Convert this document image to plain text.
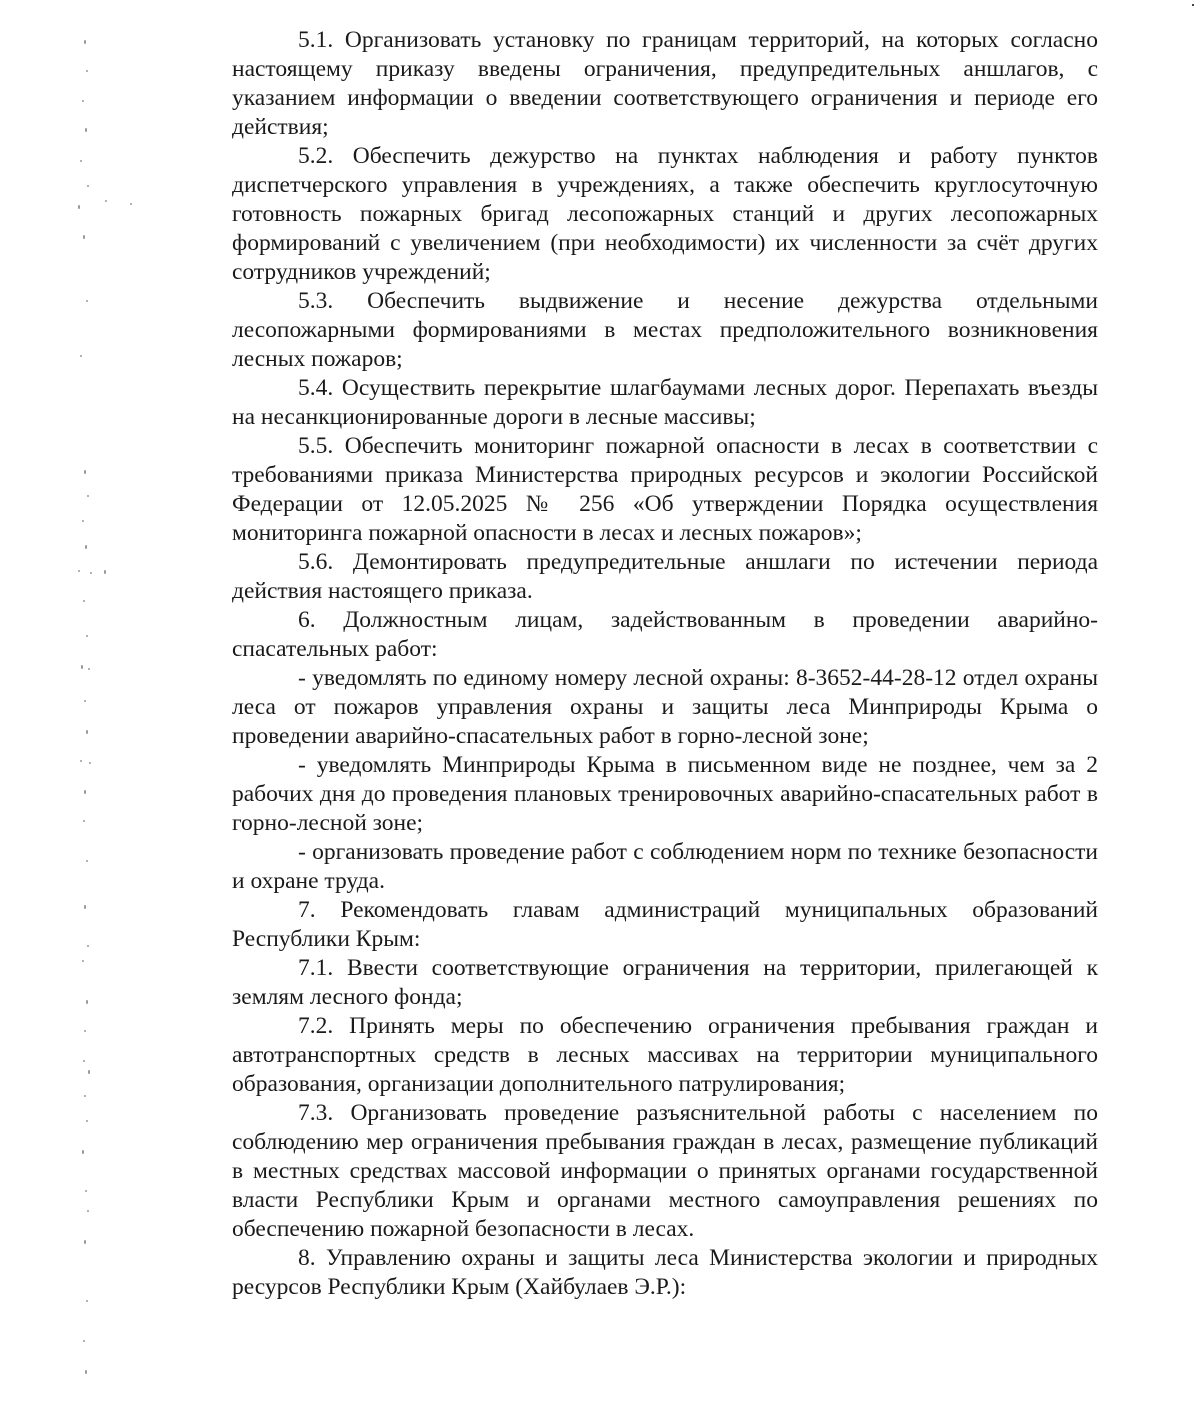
5.1. Организовать установку по границам территорий, на которых согласно настоящему приказу введены ограничения, предупредительных аншлагов, с указанием информации о введении соответствующего ограничения и периоде его действия;

5.2. Обеспечить дежурство на пунктах наблюдения и работу пунктов диспетчерского управления в учреждениях, а также обеспечить круглосуточную готовность пожарных бригад лесопожарных станций и других лесопожарных формирований с увеличением (при необходимости) их численности за счёт других сотрудников учреждений;

5.3. Обеспечить выдвижение и несение дежурства отдельными лесопожарными формированиями в местах предположительного возникновения лесных пожаров;

5.4. Осуществить перекрытие шлагбаумами лесных дорог. Перепахать въезды на несанкционированные дороги в лесные массивы;

5.5. Обеспечить мониторинг пожарной опасности в лесах в соответствии с требованиями приказа Министерства природных ресурсов и экологии Российской Федерации от 12.05.2025 № 256 «Об утверждении Порядка осуществления мониторинга пожарной опасности в лесах и лесных пожаров»;

5.6. Демонтировать предупредительные аншлаги по истечении периода действия настоящего приказа.

6. Должностным лицам, задействованным в проведении аварийно-спасательных работ:

- уведомлять по единому номеру лесной охраны: 8-3652-44-28-12 отдел охраны леса от пожаров управления охраны и защиты леса Минприроды Крыма о проведении аварийно-спасательных работ в горно-лесной зоне;

- уведомлять Минприроды Крыма в письменном виде не позднее, чем за 2 рабочих дня до проведения плановых тренировочных аварийно-спасательных работ в горно-лесной зоне;

- организовать проведение работ с соблюдением норм по технике безопасности и охране труда.

7. Рекомендовать главам администраций муниципальных образований Республики Крым:

7.1. Ввести соответствующие ограничения на территории, прилегающей к землям лесного фонда;

7.2. Принять меры по обеспечению ограничения пребывания граждан и автотранспортных средств в лесных массивах на территории муниципального образования, организации дополнительного патрулирования;

7.3. Организовать проведение разъяснительной работы с населением по соблюдению мер ограничения пребывания граждан в лесах, размещение публикаций в местных средствах массовой информации о принятых органами государственной власти Республики Крым и органами местного самоуправления решениях по обеспечению пожарной безопасности в лесах.

8. Управлению охраны и защиты леса Министерства экологии и природных ресурсов Республики Крым (Хайбулаев Э.Р.):
